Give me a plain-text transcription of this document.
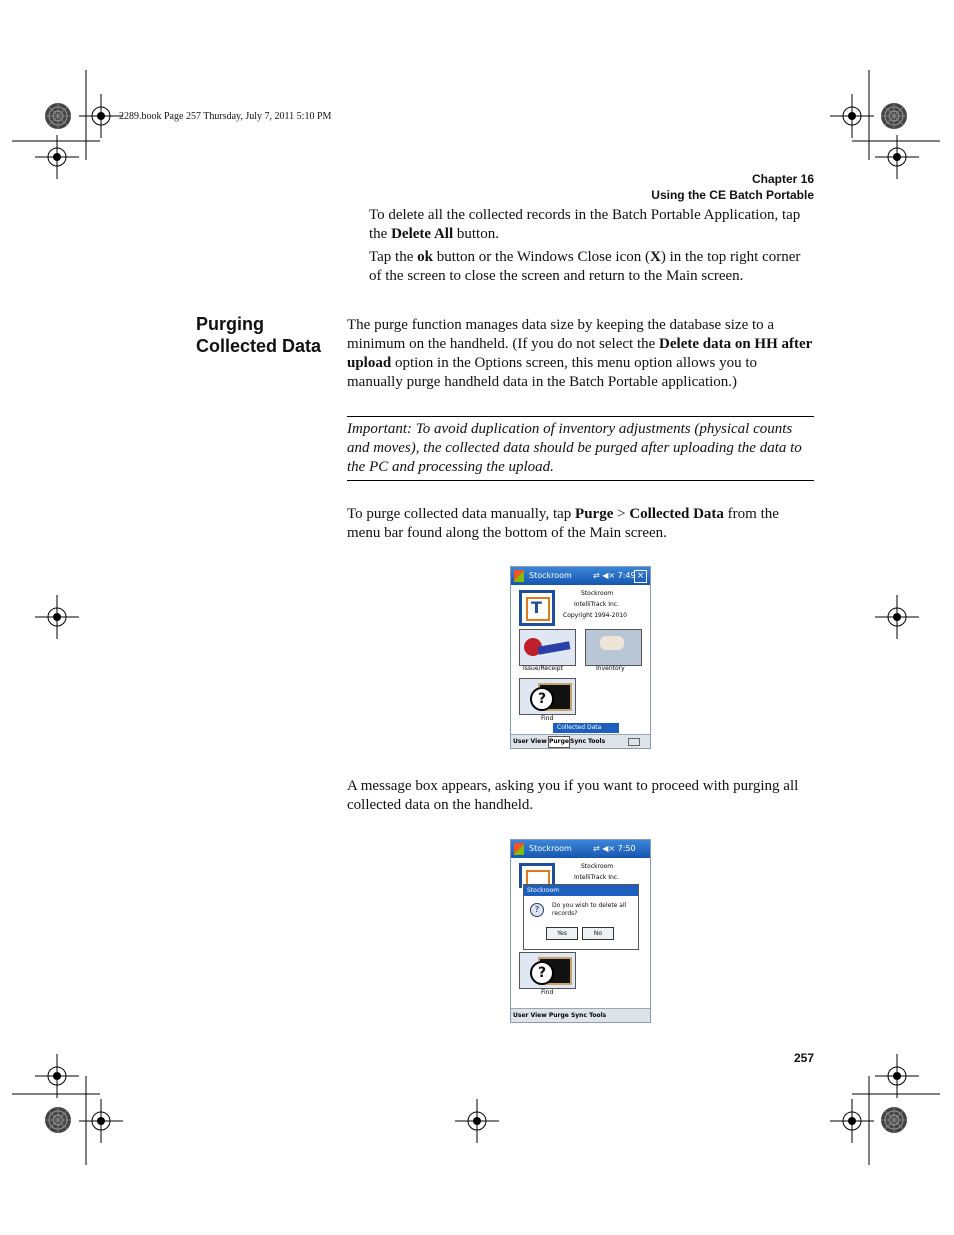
2289.book Page 257 Thursday, July 7, 2011 5:10 PM
Chapter 16
Using the CE Batch Portable

To delete all the collected records in the Batch Portable Application, tap the Delete All button.

Tap the ok button or the Windows Close icon (X) in the top right corner of the screen to close the screen and return to the Main screen.

Purging Collected Data

The purge function manages data size by keeping the database size to a minimum on the handheld. (If you do not select the Delete data on HH after upload option in the Options screen, this menu option allows you to manually purge handheld data in the Batch Portable application.)

Important: To avoid duplication of inventory adjustments (physical counts and moves), the collected data should be purged after uploading the data to the PC and processing the upload.

To purge collected data manually, tap Purge > Collected Data from the menu bar found along the bottom of the Main screen.

Stockroom	⇄ ◀× 7:49 ×
T
Stockroom
IntelliTrack Inc.
Copyright 1994-2010
Issue/Receipt	Inventory
?
Find
Collected Data
User View Purge Sync Tools

A message box appears, asking you if you want to proceed with purging all collected data on the handheld.

Stockroom	⇄ ◀× 7:50
Stockroom
IntelliTrack Inc.
Stockroom
?	Do you wish to delete all records?
Yes	No
?
Find
User View Purge Sync Tools
257
